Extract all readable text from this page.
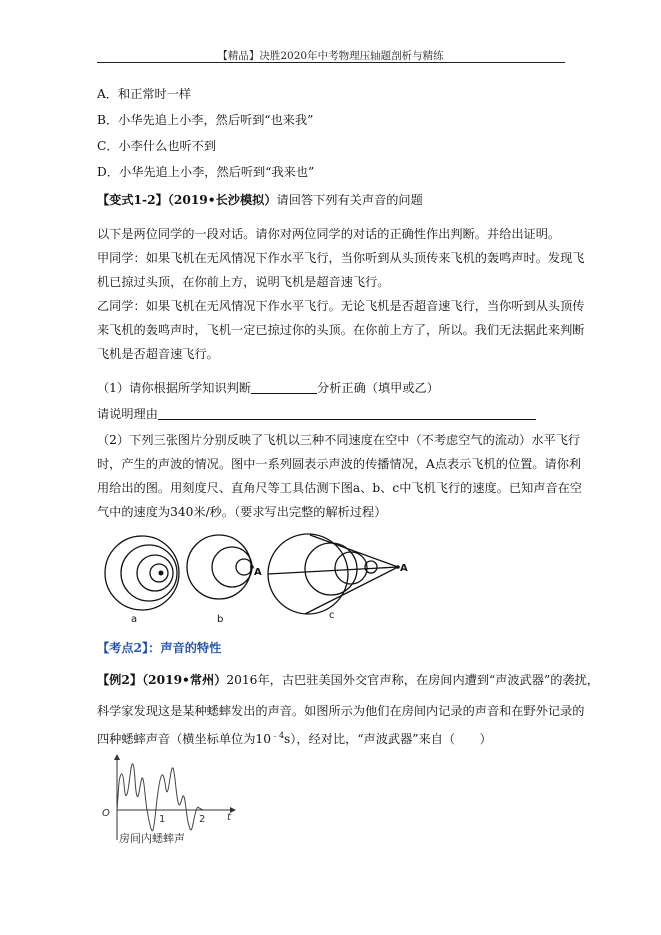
【精品】决胜2020年中考物理压轴题剖析与精练
A．和正常时一样
B．小华先追上小李，然后听到“也来我”
C．小李什么也听不到
D．小华先追上小李，然后听到“我来也”
【变式1-2】（2019•长沙模拟）请回答下列有关声音的问题
以下是两位同学的一段对话。请你对两位同学的对话的正确性作出判断。并给出证明。
甲同学：如果飞机在无风情况下作水平飞行，当你听到从头顶传来飞机的轰鸣声时。发现飞
机已掠过头顶，在你前上方，说明飞机是超音速飞行。
乙同学：如果飞机在无风情况下作水平飞行。无论飞机是否超音速飞行，当你听到从头顶传
来飞机的轰鸣声时，飞机一定已掠过你的头顶。在你前上方了，所以。我们无法据此来判断
飞机是否超音速飞行。
（1）请你根据所学知识判断	分析正确（填甲或乙）
请说明理由
（2）下列三张图片分别反映了飞机以三种不同速度在空中（不考虑空气的流动）水平飞行
时，产生的声波的情况。图中一系列圆表示声波的传播情况，A点表示飞机的位置。请你利
用给出的图。用刻度尺、直角尺等工具估测下图a、b、c中飞机飞行的速度。已知声音在空
气中的速度为340米/秒。（要求写出完整的解析过程）
a
A
b
A
c
【考点2】：声音的特性
【例2】（2019•常州）2016年，古巴驻美国外交官声称，在房间内遭到“声波武器”的袭扰，
科学家发现这是某种蟋蟀发出的声音。如图所示为他们在房间内记录的声音和在野外记录的
四种蟋蟀声音（横坐标单位为$10^{﹣4}s$），经对比，“声波武器”来自（　　）
O
1	2 t
房间内蟋蟀声
